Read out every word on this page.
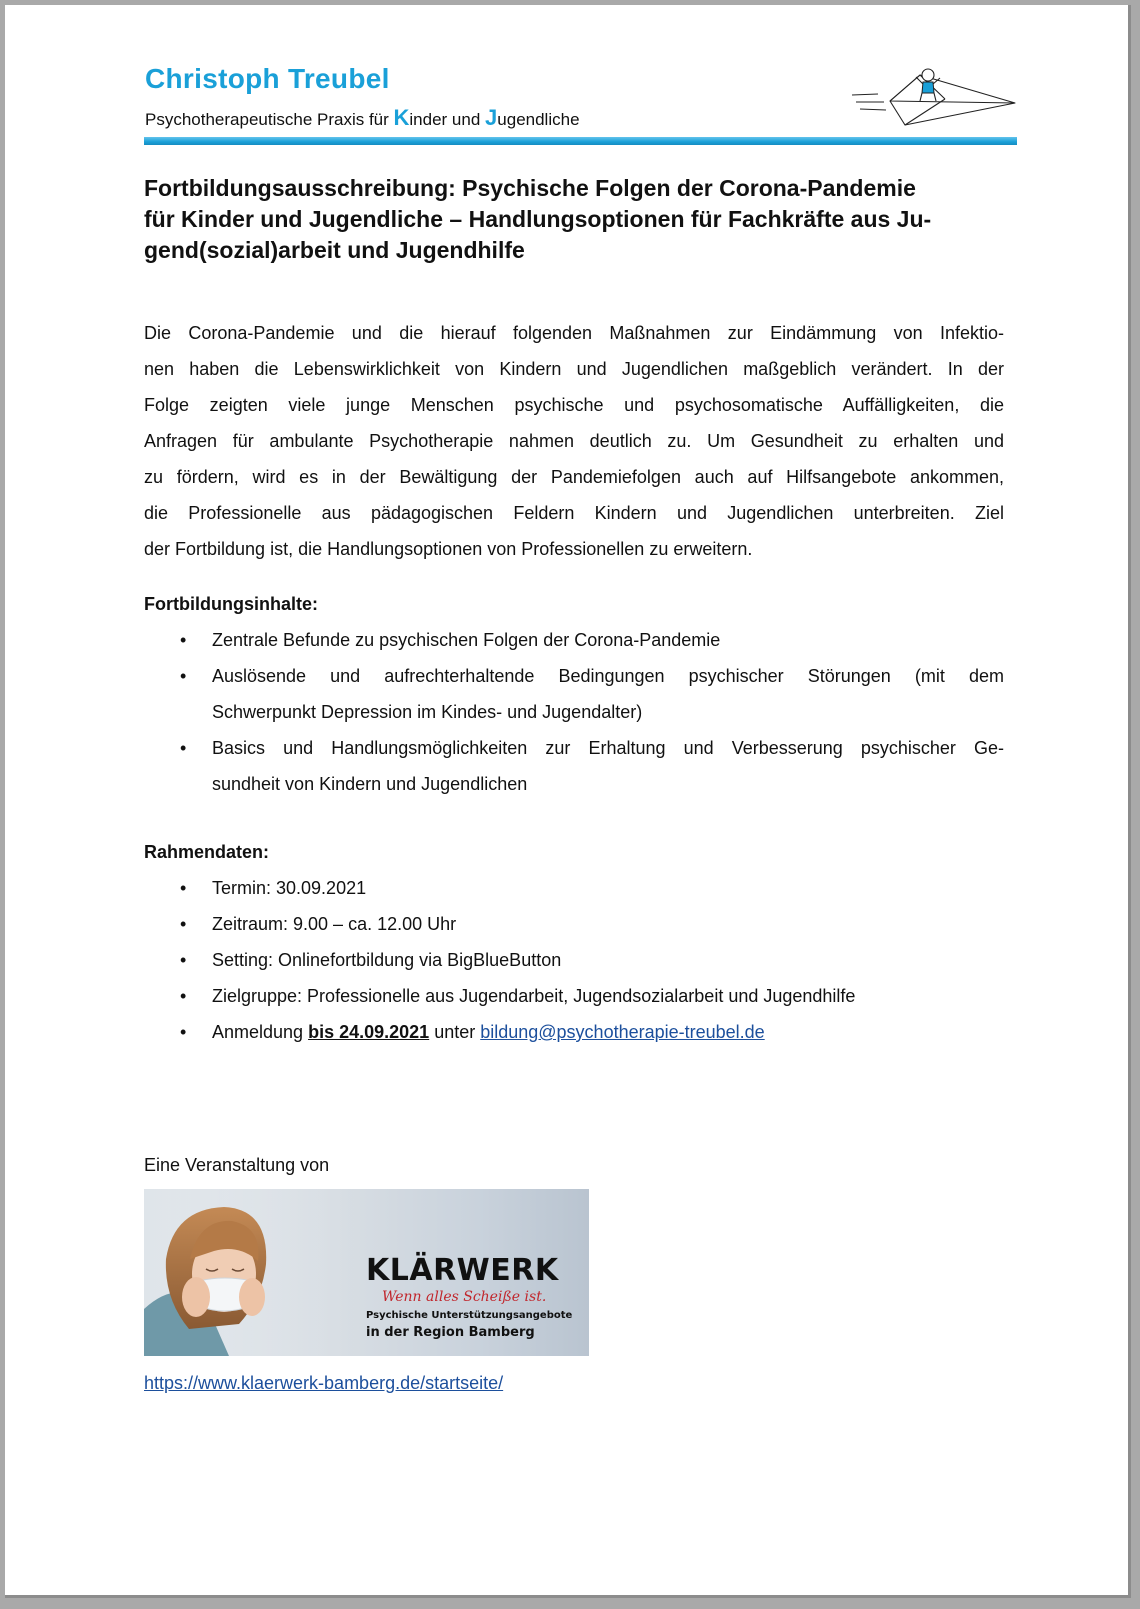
Christoph Treubel
Psychotherapeutische Praxis für Kinder und Jugendliche
Fortbildungsausschreibung: Psychische Folgen der Corona-Pandemie
für Kinder und Jugendliche – Handlungsoptionen für Fachkräfte aus Ju-
gend(sozial)arbeit und Jugendhilfe
Die Corona-Pandemie und die hierauf folgenden Maßnahmen zur Eindämmung von Infektio-
nen haben die Lebenswirklichkeit von Kindern und Jugendlichen maßgeblich verändert. In der
Folge zeigten viele junge Menschen psychische und psychosomatische Auffälligkeiten, die
Anfragen für ambulante Psychotherapie nahmen deutlich zu. Um Gesundheit zu erhalten und
zu fördern, wird es in der Bewältigung der Pandemiefolgen auch auf Hilfsangebote ankommen,
die Professionelle aus pädagogischen Feldern Kindern und Jugendlichen unterbreiten. Ziel
der Fortbildung ist, die Handlungsoptionen von Professionellen zu erweitern.
Fortbildungsinhalte:
• Zentrale Befunde zu psychischen Folgen der Corona-Pandemie
• Auslösende und aufrechterhaltende Bedingungen psychischer Störungen (mit dem
Schwerpunkt Depression im Kindes- und Jugendalter)
• Basics und Handlungsmöglichkeiten zur Erhaltung und Verbesserung psychischer Ge-
sundheit von Kindern und Jugendlichen
Rahmendaten:
• Termin: 30.09.2021
• Zeitraum: 9.00 – ca. 12.00 Uhr
• Setting: Onlinefortbildung via BigBlueButton
• Zielgruppe: Professionelle aus Jugendarbeit, Jugendsozialarbeit und Jugendhilfe
• Anmeldung bis 24.09.2021 unter bildung@psychotherapie-treubel.de
Eine Veranstaltung von
KLÄRWERK
Wenn alles Scheiße ist.
Psychische Unterstützungsangebote
in der Region Bamberg
https://www.klaerwerk-bamberg.de/startseite/
